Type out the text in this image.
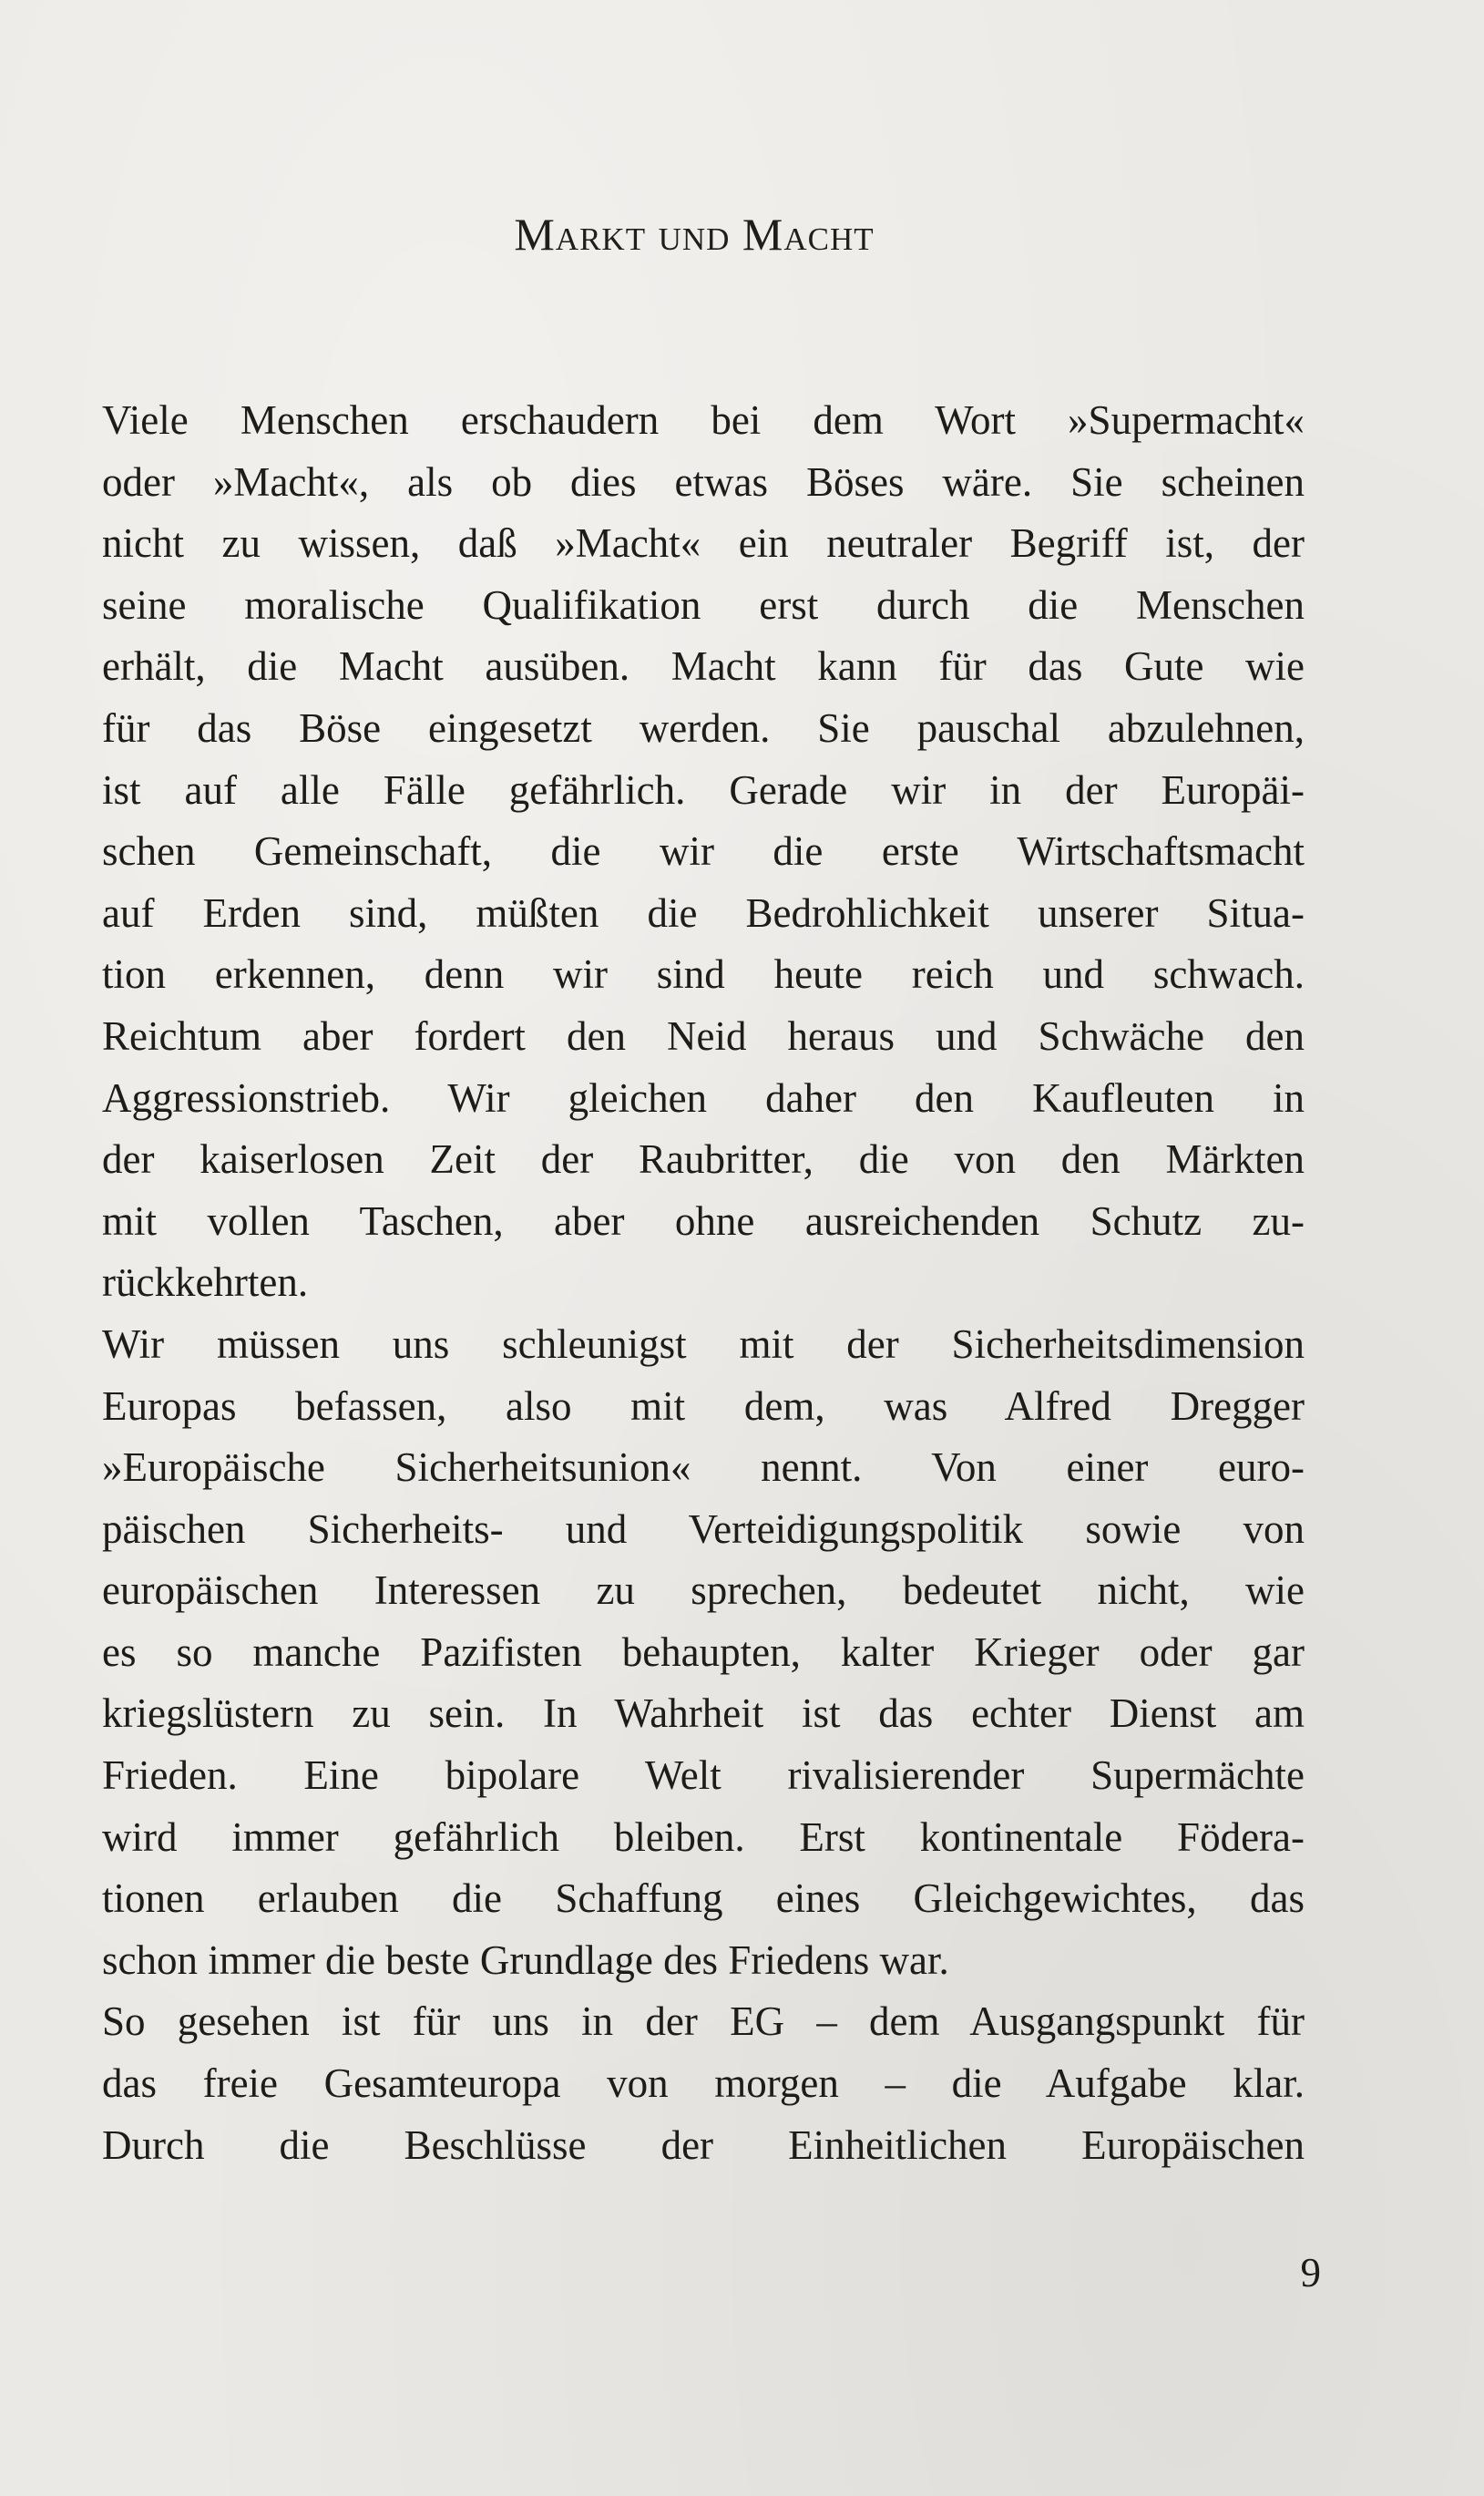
Markt und Macht
Viele Menschen erschaudern bei dem Wort »Supermacht«
oder »Macht«, als ob dies etwas Böses wäre. Sie scheinen
nicht zu wissen, daß »Macht« ein neutraler Begriff ist, der
seine moralische Qualifikation erst durch die Menschen
erhält, die Macht ausüben. Macht kann für das Gute wie
für das Böse eingesetzt werden. Sie pauschal abzulehnen,
ist auf alle Fälle gefährlich. Gerade wir in der Europäi-
schen Gemeinschaft, die wir die erste Wirtschaftsmacht
auf Erden sind, müßten die Bedrohlichkeit unserer Situa-
tion erkennen, denn wir sind heute reich und schwach.
Reichtum aber fordert den Neid heraus und Schwäche den
Aggressionstrieb. Wir gleichen daher den Kaufleuten in
der kaiserlosen Zeit der Raubritter, die von den Märkten
mit vollen Taschen, aber ohne ausreichenden Schutz zu-
rückkehrten.
Wir müssen uns schleunigst mit der Sicherheitsdimension
Europas befassen, also mit dem, was Alfred Dregger
»Europäische Sicherheitsunion« nennt. Von einer euro-
päischen Sicherheits- und Verteidigungspolitik sowie von
europäischen Interessen zu sprechen, bedeutet nicht, wie
es so manche Pazifisten behaupten, kalter Krieger oder gar
kriegslüstern zu sein. In Wahrheit ist das echter Dienst am
Frieden. Eine bipolare Welt rivalisierender Supermächte
wird immer gefährlich bleiben. Erst kontinentale Födera-
tionen erlauben die Schaffung eines Gleichgewichtes, das
schon immer die beste Grundlage des Friedens war.
So gesehen ist für uns in der EG – dem Ausgangspunkt für
das freie Gesamteuropa von morgen – die Aufgabe klar.
Durch die Beschlüsse der Einheitlichen Europäischen
9
